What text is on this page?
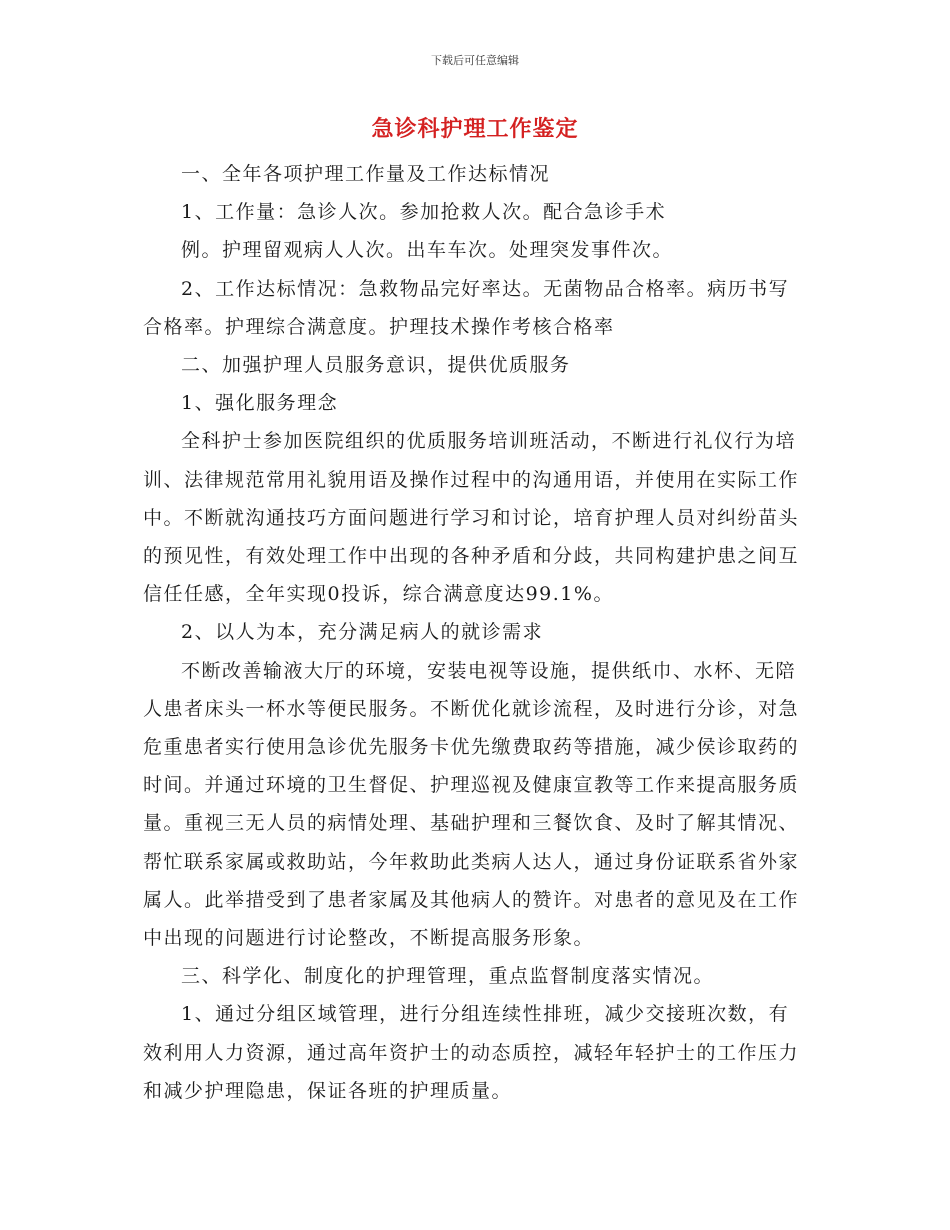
下载后可任意编辑
急诊科护理工作鉴定

一、全年各项护理工作量及工作达标情况

1、工作量：急诊人次。参加抢救人次。配合急诊手术

例。护理留观病人人次。出车车次。处理突发事件次。

2、工作达标情况：急救物品完好率达。无菌物品合格率。病历书写合格率。护理综合满意度。护理技术操作考核合格率

二、加强护理人员服务意识，提供优质服务

1、强化服务理念

全科护士参加医院组织的优质服务培训班活动，不断进行礼仪行为培训、法律规范常用礼貌用语及操作过程中的沟通用语，并使用在实际工作中。不断就沟通技巧方面问题进行学习和讨论，培育护理人员对纠纷苗头的预见性，有效处理工作中出现的各种矛盾和分歧，共同构建护患之间互信任任感，全年实现0投诉，综合满意度达99.1%。

2、以人为本，充分满足病人的就诊需求

不断改善输液大厅的环境，安装电视等设施，提供纸巾、水杯、无陪人患者床头一杯水等便民服务。不断优化就诊流程，及时进行分诊，对急危重患者实行使用急诊优先服务卡优先缴费取药等措施，减少侯诊取药的时间。并通过环境的卫生督促、护理巡视及健康宣教等工作来提高服务质量。重视三无人员的病情处理、基础护理和三餐饮食、及时了解其情况、帮忙联系家属或救助站，今年救助此类病人达人，通过身份证联系省外家属人。此举措受到了患者家属及其他病人的赞许。对患者的意见及在工作中出现的问题进行讨论整改，不断提高服务形象。

三、科学化、制度化的护理管理，重点监督制度落实情况。

1、通过分组区域管理，进行分组连续性排班，减少交接班次数，有效利用人力资源，通过高年资护士的动态质控，减轻年轻护士的工作压力和减少护理隐患，保证各班的护理质量。
